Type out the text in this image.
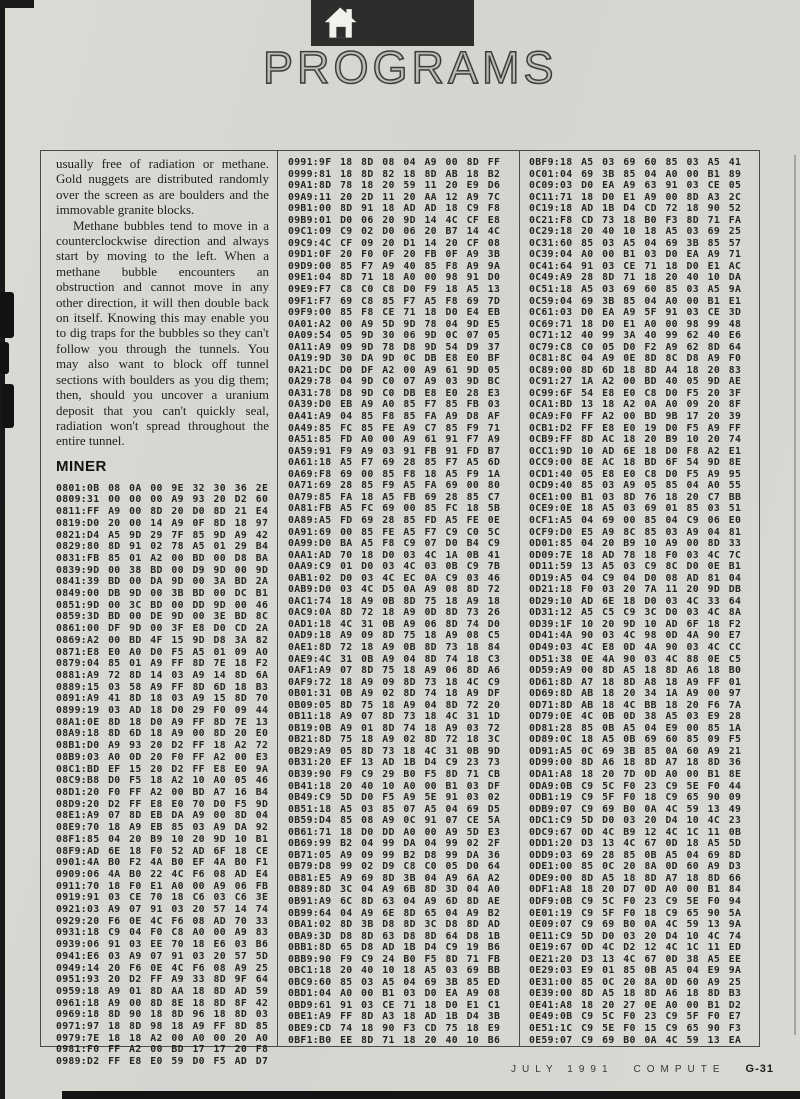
PROGRAMS

usually free of radiation or methane. Gold nuggets are distributed randomly over the screen as are boulders and the immovable granite blocks.

Methane bubbles tend to move in a counterclockwise direction and always start by moving to the left. When a methane bubble encounters an obstruction and cannot move in any other direction, it will then double back on itself. Knowing this may enable you to dig traps for the bubbles so they can't follow you through the tunnels. You may also want to block off tunnel sections with boulders as you dig them; then, should you uncover a uranium deposit that you can't quickly seal, radiation won't spread throughout the entire tunnel.

MINER
0801:0B 08 0A 00 9E 32 30 36 2E
0809:31 00 00 00 A9 93 20 D2 60
0811:FF A9 00 8D 20 D0 8D 21 E4
0819:D0 20 00 14 A9 0F 8D 18 97
0821:D4 A5 9D 29 7F 85 9D A9 42
0829:80 8D 91 02 78 A5 01 29 B4
0831:FB 85 01 A2 00 BD 00 D8 BA
0839:9D 00 38 BD 00 D9 9D 00 9D
0841:39 BD 00 DA 9D 00 3A BD 2A
0849:00 DB 9D 00 3B BD 00 DC B1
0851:9D 00 3C BD 00 DD 9D 00 46
0859:3D BD 00 DE 9D 00 3E BD 8C
0861:00 DF 9D 00 3F E8 D0 CD 2A
0869:A2 00 BD 4F 15 9D D8 3A 82
0871:E8 E0 A0 D0 F5 A5 01 09 A0
0879:04 85 01 A9 FF 8D 7E 18 F2
0881:A9 72 8D 14 03 A9 14 8D 6A
0889:15 03 58 A9 FF 8D 6D 18 B3
0891:A9 41 8D 18 03 A9 15 8D 70
0899:19 03 AD 18 D0 29 F0 09 44
08A1:0E 8D 18 D0 A9 FF 8D 7E 13
08A9:18 8D 6D 18 A9 00 8D 20 E0
08B1:D0 A9 93 20 D2 FF 18 A2 72
08B9:03 A0 0D 20 F0 FF A2 00 E3
08C1:BD EF 15 20 D2 FF E8 E0 9A
08C9:B8 D0 F5 18 A2 10 A0 05 46
08D1:20 F0 FF A2 00 BD A7 16 B4
08D9:20 D2 FF E8 E0 70 D0 F5 9D
08E1:A9 07 8D EB DA A9 00 8D 04
08E9:70 18 A9 EB 85 03 A9 DA 92
08F1:85 04 20 B9 10 20 9D 10 B1
08F9:AD 6E 18 F0 52 AD 6F 18 CE
0901:4A B0 F2 4A B0 EF 4A B0 F1
0909:06 4A B0 22 4C F6 08 AD E4
0911:70 18 F0 E1 A0 00 A9 06 FB
0919:91 03 CE 70 18 C6 03 C6 3E
0921:03 A9 07 91 03 20 57 14 74
0929:20 F6 0E 4C F6 08 AD 70 33
0931:18 C9 04 F0 C8 A0 00 A9 83
0939:06 91 03 EE 70 18 E6 03 B6
0941:E6 03 A9 07 91 03 20 57 5D
0949:14 20 F6 0E 4C F6 08 A9 25
0951:93 20 D2 FF A9 33 8D 9F 64
0959:18 A9 01 8D AA 18 8D AD 59
0961:18 A9 00 8D 8E 18 8D 8F 42
0969:18 8D 90 18 8D 96 18 8D 03
0971:97 18 8D 98 18 A9 FF 8D 85
0979:7E 18 18 A2 00 A0 00 20 A0
0981:F0 FF A2 00 BD 17 17 20 F8
0989:D2 FF E8 E0 59 D0 F5 AD D7
0991:9F 18 8D 08 04 A9 00 8D FF
0999:81 18 8D 82 18 8D AB 18 B2
09A1:8D 78 18 20 59 11 20 E9 D6
09A9:11 20 2D 11 20 AA 12 A9 7C
09B1:00 8D 91 18 AD AD 18 C9 F8
09B9:01 D0 06 20 9D 14 4C CF E8
09C1:09 C9 02 D0 06 20 B7 14 4C
09C9:4C CF 09 20 D1 14 20 CF 08
09D1:0F 20 F0 0F 20 FB 0F A9 3B
09D9:00 85 F7 A9 40 85 F8 A9 9A
09E1:04 8D 71 18 A0 00 98 91 D0
09E9:F7 C8 C0 C8 D0 F9 18 A5 13
09F1:F7 69 C8 85 F7 A5 F8 69 7D
09F9:00 85 F8 CE 71 18 D0 E4 EB
0A01:A2 00 A9 5D 9D 78 04 9D E5
0A09:54 05 9D 30 06 9D 0C 07 05
0A11:A9 09 9D 78 D8 9D 54 D9 37
0A19:9D 30 DA 9D 0C DB E8 E0 BF
0A21:DC D0 DF A2 00 A9 61 9D 05
0A29:78 04 9D C0 07 A9 03 9D BC
0A31:78 D8 9D C0 DB E8 E0 28 E3
0A39:D0 EB A9 A0 85 F7 85 FB 03
0A41:A9 04 85 F8 85 FA A9 D8 AF
0A49:85 FC 85 FE A9 C7 85 F9 71
0A51:85 FD A0 00 A9 61 91 F7 A9
0A59:91 F9 A9 03 91 FB 91 FD B7
0A61:18 A5 F7 69 28 85 F7 A5 6D
0A69:F8 69 00 85 F8 18 A5 F9 1A
0A71:69 28 85 F9 A5 FA 69 00 80
0A79:85 FA 18 A5 FB 69 28 85 C7
0A81:FB A5 FC 69 00 85 FC 18 5B
0A89:A5 FD 69 28 85 FD A5 FE 0E
0A91:69 00 85 FE A5 F7 C9 C0 5C
0A99:D0 BA A5 F8 C9 07 D0 B4 C9
0AA1:AD 70 18 D0 03 4C 1A 0B 41
0AA9:C9 01 D0 03 4C 03 0B C9 7B
0AB1:02 D0 03 4C EC 0A C9 03 46
0AB9:D0 03 4C D5 0A A9 08 8D 72
0AC1:74 18 A9 0B 8D 75 18 A9 18
0AC9:0A 8D 72 18 A9 0D 8D 73 26
0AD1:18 4C 31 0B A9 06 8D 74 D0
0AD9:18 A9 09 8D 75 18 A9 08 C5
0AE1:8D 72 18 A9 0B 8D 73 18 84
0AE9:4C 31 0B A9 04 8D 74 18 C3
0AF1:A9 07 8D 75 18 A9 06 8D A6
0AF9:72 18 A9 09 8D 73 18 4C C9
0B01:31 0B A9 02 8D 74 18 A9 DF
0B09:05 8D 75 18 A9 04 8D 72 20
0B11:18 A9 07 8D 73 18 4C 31 1D
0B19:0B A9 01 8D 74 18 A9 03 72
0B21:8D 75 18 A9 02 8D 72 18 3C
0B29:A9 05 8D 73 18 4C 31 0B 9D
0B31:20 EF 13 AD 1B D4 C9 23 73
0B39:90 F9 C9 29 B0 F5 8D 71 CB
0B41:18 20 40 10 A0 00 B1 03 DF
0B49:C9 5D D0 F5 A9 5E 91 03 02
0B51:18 A5 03 85 07 A5 04 69 D5
0B59:D4 85 08 A9 0C 91 07 CE 5A
0B61:71 18 D0 DD A0 00 A9 5D E3
0B69:99 B2 04 99 DA 04 99 02 2F
0B71:05 A9 09 99 B2 D8 99 DA 36
0B79:D8 99 02 D9 C8 C0 05 D0 64
0B81:E5 A9 69 8D 3B 04 A9 6A A2
0B89:8D 3C 04 A9 6B 8D 3D 04 A0
0B91:A9 6C 8D 63 04 A9 6D 8D AE
0B99:64 04 A9 6E 8D 65 04 A9 B2
0BA1:02 8D 3B D8 8D 3C D8 8D AD
0BA9:3D D8 8D 63 D8 8D 64 D8 1B
0BB1:8D 65 D8 AD 1B D4 C9 19 B6
0BB9:90 F9 C9 24 B0 F5 8D 71 FB
0BC1:18 20 40 10 18 A5 03 69 BB
0BC9:60 85 03 A5 04 69 3B 85 ED
0BD1:04 A0 00 B1 03 D0 EA A9 08
0BD9:61 91 03 CE 71 18 D0 E1 C1
0BE1:A9 FF 8D A3 18 AD 1B D4 3B
0BE9:CD 74 18 90 F3 CD 75 18 E9
0BF1:B0 EE 8D 71 18 20 40 10 B6
0BF9:18 A5 03 69 60 85 03 A5 41
0C01:04 69 3B 85 04 A0 00 B1 89
0C09:03 D0 EA A9 63 91 03 CE 05
0C11:71 18 D0 E1 A9 00 8D A3 2C
0C19:18 AD 1B D4 CD 72 18 90 52
0C21:F8 CD 73 18 B0 F3 8D 71 FA
0C29:18 20 40 10 18 A5 03 69 25
0C31:60 85 03 A5 04 69 3B 85 57
0C39:04 A0 00 B1 03 D0 EA A9 71
0C41:64 91 03 CE 71 18 D0 E1 AC
0C49:A9 28 8D 71 18 20 40 10 DA
0C51:18 A5 03 69 60 85 03 A5 9A
0C59:04 69 3B 85 04 A0 00 B1 E1
0C61:03 D0 EA A9 5F 91 03 CE 3D
0C69:71 18 D0 E1 A0 00 98 99 48
0C71:12 40 99 3A 40 99 62 40 E6
0C79:C8 C0 05 D0 F2 A9 62 8D 64
0C81:8C 04 A9 0E 8D 8C D8 A9 F0
0C89:00 8D 6D 18 8D A4 18 20 83
0C91:27 1A A2 00 BD 40 05 9D AE
0C99:6F 54 E8 E0 C8 D0 F5 20 3F
0CA1:BD 13 18 A2 0A A0 09 20 8F
0CA9:F0 FF A2 00 BD 9B 17 20 39
0CB1:D2 FF E8 E0 19 D0 F5 A9 FF
0CB9:FF 8D AC 18 20 B9 10 20 74
0CC1:9D 10 AD 6E 18 D0 F8 A2 E1
0CC9:00 8E AC 18 BD 6F 54 9D 8E
0CD1:40 05 E8 E0 C8 D0 F5 A9 95
0CD9:40 85 03 A9 05 85 04 A0 55
0CE1:00 B1 03 8D 76 18 20 C7 BB
0CE9:0E 18 A5 03 69 01 85 03 51
0CF1:A5 04 69 00 85 04 C9 06 E0
0CF9:D0 E5 A9 8C 85 03 A9 04 81
0D01:85 04 20 B9 10 A9 00 8D 33
0D09:7E 18 AD 78 18 F0 03 4C 7C
0D11:59 13 A5 03 C9 8C D0 0E B1
0D19:A5 04 C9 04 D0 08 AD 81 04
0D21:18 F0 03 20 7A 11 20 9D DB
0D29:10 AD 6E 18 D0 03 4C 33 64
0D31:12 A5 C5 C9 3C D0 03 4C 8A
0D39:1F 10 20 9D 10 AD 6F 18 F2
0D41:4A 90 03 4C 98 0D 4A 90 E7
0D49:03 4C E8 0D 4A 90 03 4C CC
0D51:38 0E 4A 90 03 4C 88 0E C5
0D59:A9 00 8D A5 18 8D A6 18 B0
0D61:8D A7 18 8D A8 18 A9 FF 01
0D69:8D AB 18 20 34 1A A9 00 97
0D71:8D AB 18 4C BB 18 20 F6 7A
0D79:0E 4C 0B 0D 38 A5 03 E9 28
0D81:28 85 0B A5 04 E9 00 85 1A
0D89:0C 18 A5 0B 69 60 85 09 F5
0D91:A5 0C 69 3B 85 0A 60 A9 21
0D99:00 8D A6 18 8D A7 18 8D 36
0DA1:A8 18 20 7D 0D A0 00 B1 8E
0DA9:0B C9 5C F0 23 C9 5E F0 44
0DB1:19 C9 5F F0 18 C9 65 90 09
0DB9:07 C9 69 B0 0A 4C 59 13 49
0DC1:C9 5D D0 03 20 D4 10 4C 23
0DC9:67 0D 4C B9 12 4C 1C 11 0B
0DD1:20 D3 13 4C 67 0D 18 A5 5D
0DD9:03 69 28 85 0B A5 04 69 8D
0DE1:00 85 0C 20 8A 0D 60 A9 D3
0DE9:00 8D A5 18 8D A7 18 8D 66
0DF1:A8 18 20 D7 0D A0 00 B1 84
0DF9:0B C9 5C F0 23 C9 5E F0 94
0E01:19 C9 5F F0 18 C9 65 90 5A
0E09:07 C9 69 B0 0A 4C 59 13 9A
0E11:C9 5D D0 03 20 D4 10 4C 74
0E19:67 0D 4C D2 12 4C 1C 11 ED
0E21:20 D3 13 4C 67 0D 38 A5 EE
0E29:03 E9 01 85 0B A5 04 E9 9A
0E31:00 85 0C 20 8A 0D 60 A9 25
0E39:00 8D A5 18 8D A6 18 8D B3
0E41:A8 18 20 27 0E A0 00 B1 D2
0E49:0B C9 5C F0 23 C9 5F F0 E7
0E51:1C C9 5E F0 15 C9 65 90 F3
0E59:07 C9 69 B0 0A 4C 59 13 EA
JULY 1991 COMPUTE G-31
